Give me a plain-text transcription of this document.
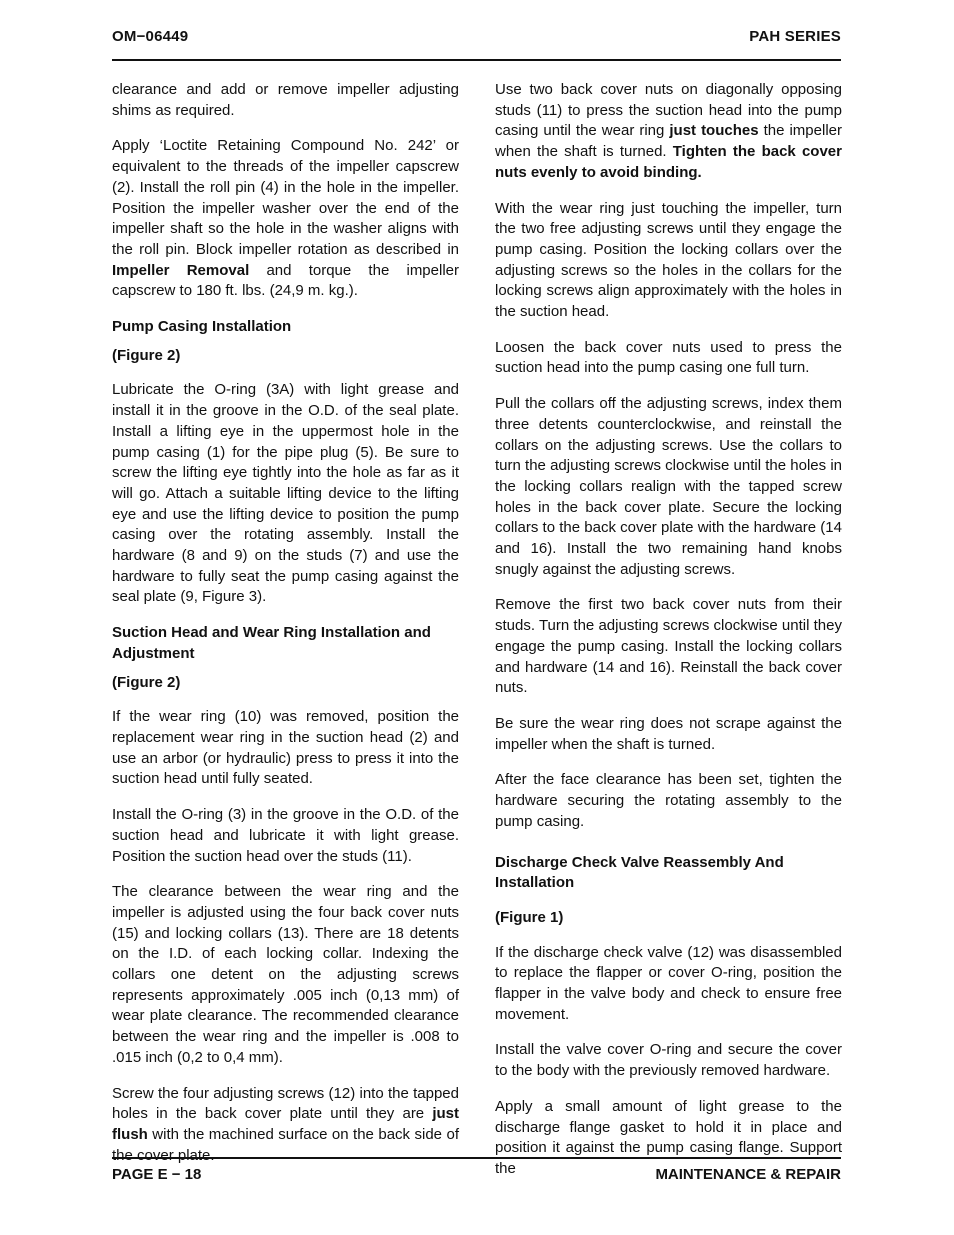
OM−06449	PAH SERIES

clearance and add or remove impeller adjusting shims as required.

Apply ‘Loctite Retaining Compound No. 242’ or equivalent to the threads of the impeller capscrew (2). Install the roll pin (4) in the hole in the impeller. Position the impeller washer over the end of the impeller shaft so the hole in the washer aligns with the roll pin. Block impeller rotation as described in Impeller Removal and torque the impeller capscrew to 180 ft. lbs. (24,9 m. kg.).

Pump Casing Installation

(Figure 2)

Lubricate the O-ring (3A) with light grease and install it in the groove in the O.D. of the seal plate. Install a lifting eye in the uppermost hole in the pump casing (1) for the pipe plug (5). Be sure to screw the lifting eye tightly into the hole as far as it will go. Attach a suitable lifting device to the lifting eye and use the lifting device to position the pump casing over the rotating assembly. Install the hardware (8 and 9) on the studs (7) and use the hardware to fully seat the pump casing against the seal plate (9, Figure 3).

Suction Head and Wear Ring Installation and Adjustment

(Figure 2)

If the wear ring (10) was removed, position the replacement wear ring in the suction head (2) and use an arbor (or hydraulic) press to press it into the suction head until fully seated.

Install the O-ring (3) in the groove in the O.D. of the suction head and lubricate it with light grease. Position the suction head over the studs (11).

The clearance between the wear ring and the impeller is adjusted using the four back cover nuts (15) and locking collars (13). There are 18 detents on the I.D. of each locking collar. Indexing the collars one detent on the adjusting screws represents approximately .005 inch (0,13 mm) of wear plate clearance. The recommended clearance between the wear ring and the impeller is .008 to .015 inch (0,2 to 0,4 mm).

Screw the four adjusting screws (12) into the tapped holes in the back cover plate until they are just flush with the machined surface on the back side of the cover plate.

Use two back cover nuts on diagonally opposing studs (11) to press the suction head into the pump casing until the wear ring just touches the impeller when the shaft is turned. Tighten the back cover nuts evenly to avoid binding.

With the wear ring just touching the impeller, turn the two free adjusting screws until they engage the pump casing. Position the locking collars over the adjusting screws so the holes in the collars for the locking screws align approximately with the holes in the suction head.

Loosen the back cover nuts used to press the suction head into the pump casing one full turn.

Pull the collars off the adjusting screws, index them three detents counterclockwise, and reinstall the collars on the adjusting screws. Use the collars to turn the adjusting screws clockwise until the holes in the locking collars realign with the tapped screw holes in the back cover plate. Secure the locking collars to the back cover plate with the hardware (14 and 16). Install the two remaining hand knobs snugly against the adjusting screws.

Remove the first two back cover nuts from their studs. Turn the adjusting screws clockwise until they engage the pump casing. Install the locking collars and hardware (14 and 16). Reinstall the back cover nuts.

Be sure the wear ring does not scrape against the impeller when the shaft is turned.

After the face clearance has been set, tighten the hardware securing the rotating assembly to the pump casing.

Discharge Check Valve Reassembly And Installation

(Figure 1)

If the discharge check valve (12) was disassembled to replace the flapper or cover O-ring, position the flapper in the valve body and check to ensure free movement.

Install the valve cover O-ring and secure the cover to the body with the previously removed hardware.

Apply a small amount of light grease to the discharge flange gasket to hold it in place and position it against the pump casing flange. Support the

PAGE E − 18	MAINTENANCE & REPAIR
